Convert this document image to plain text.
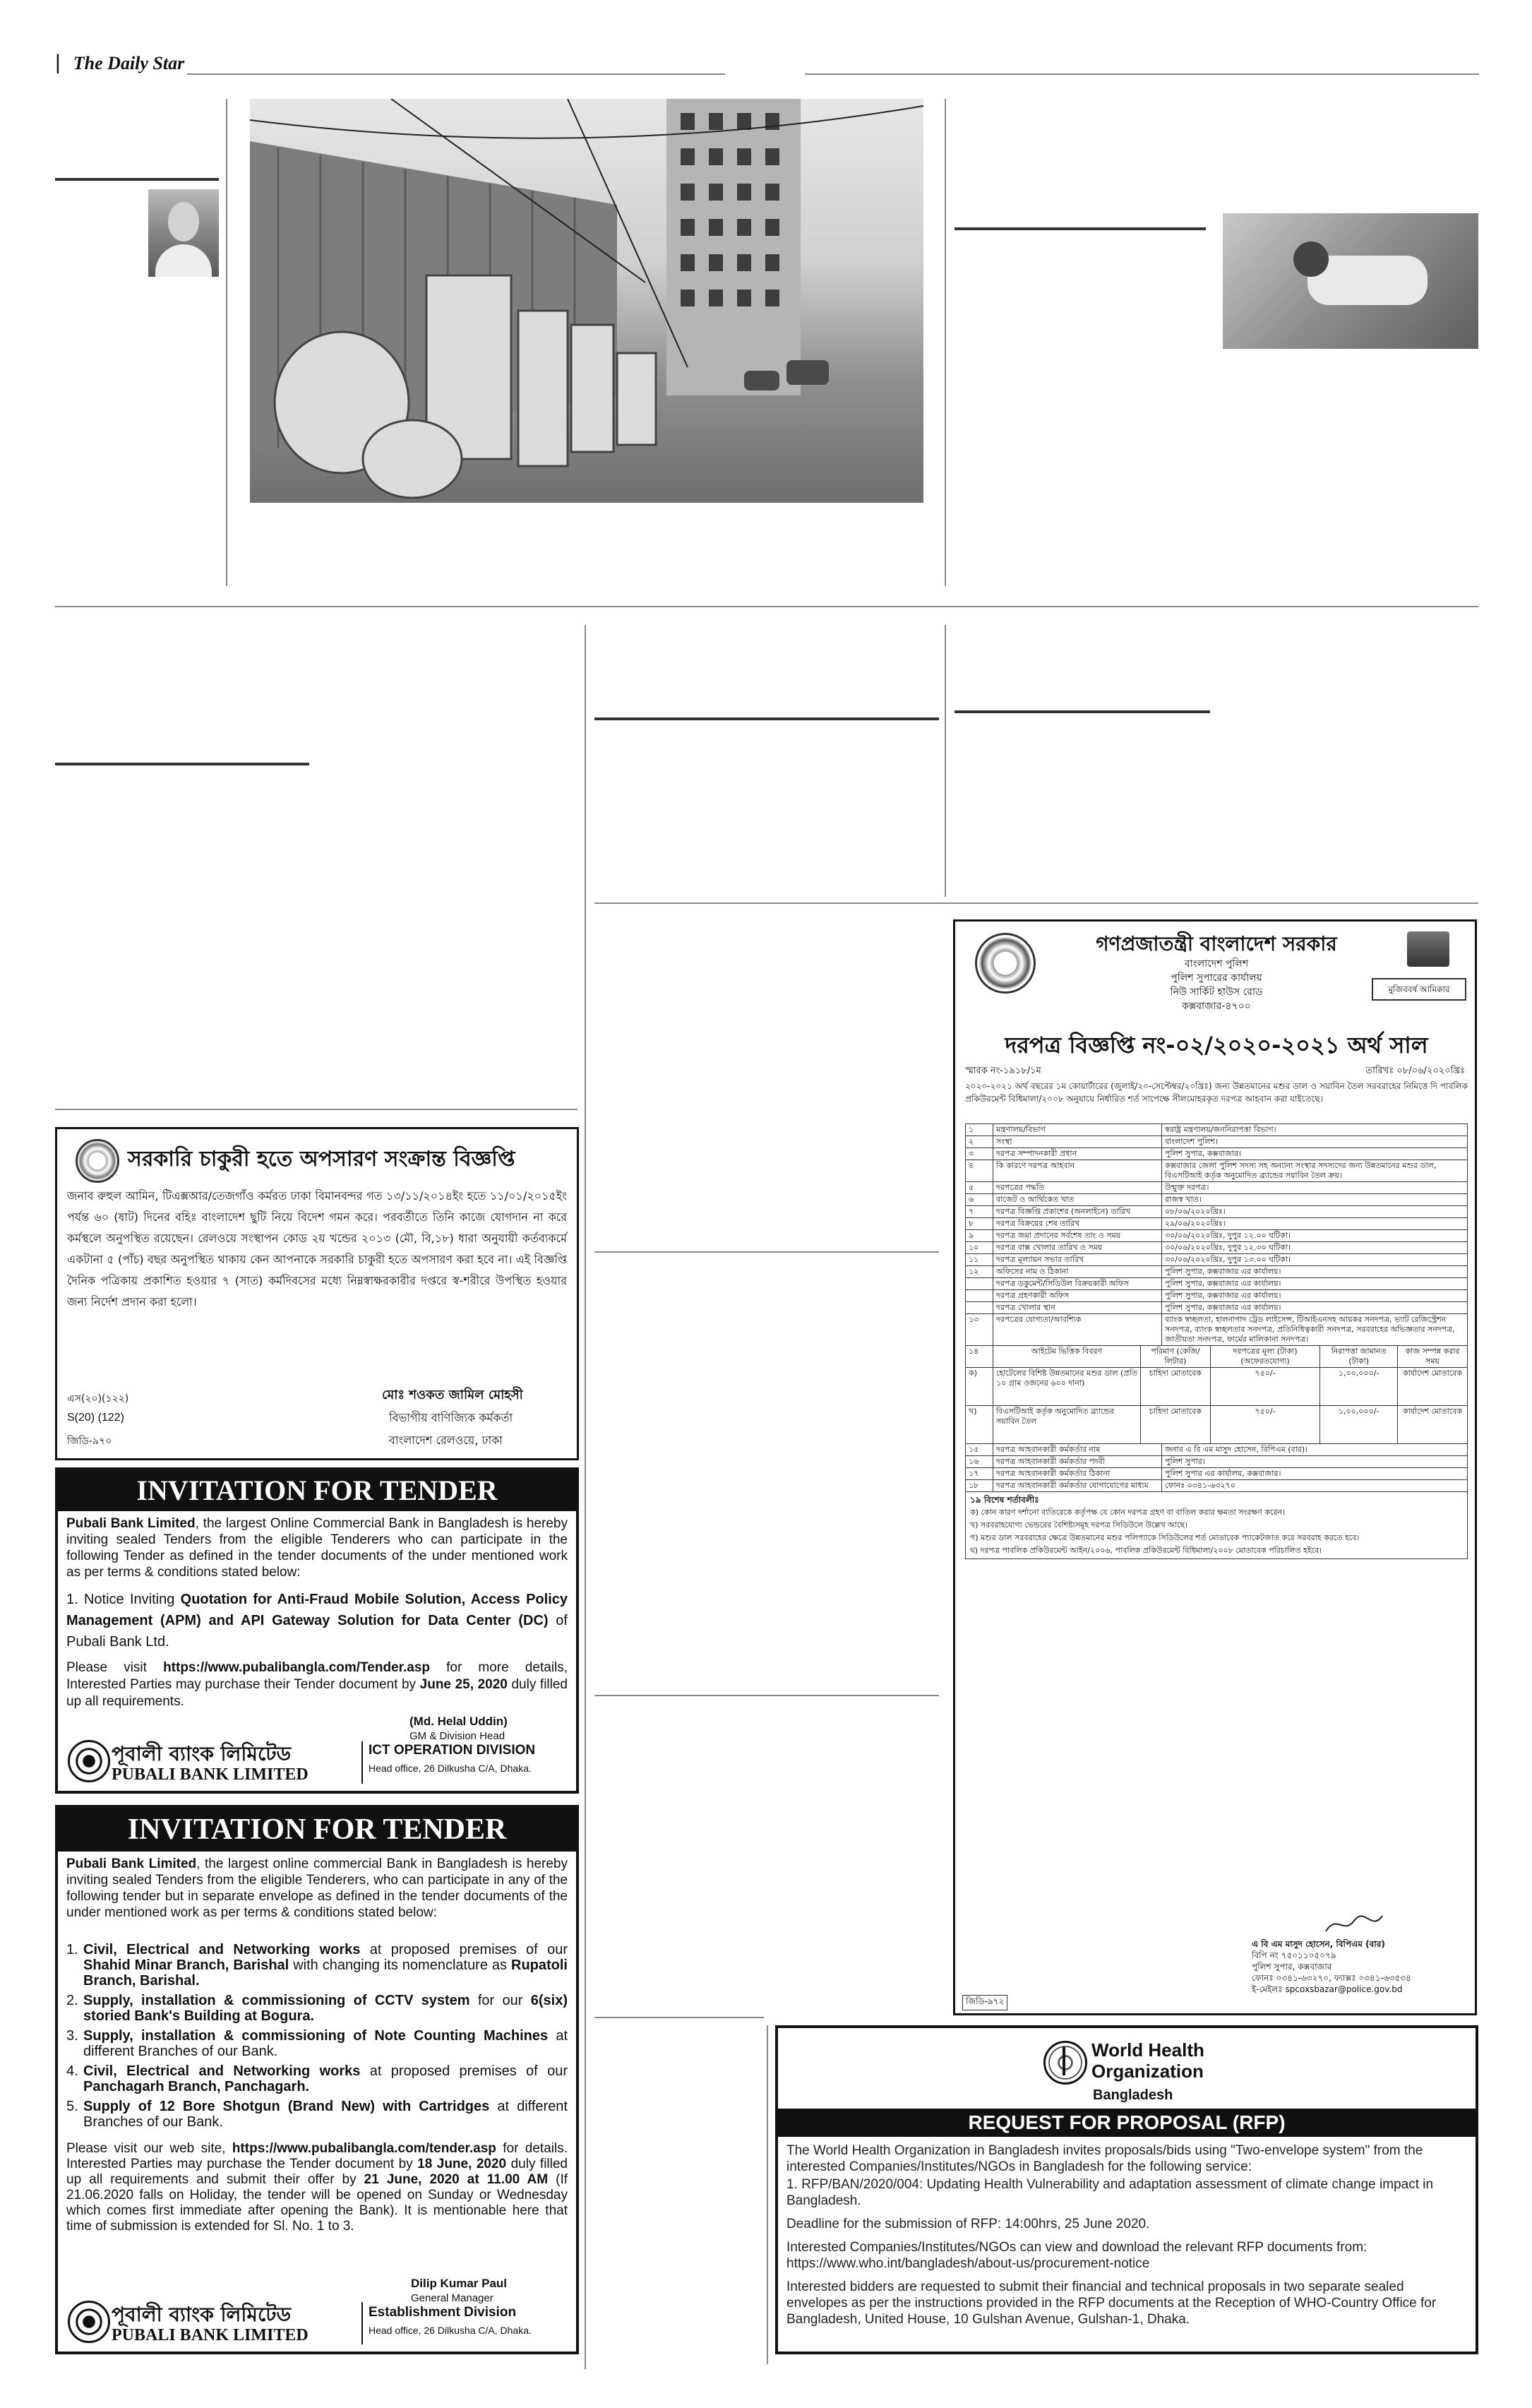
| The Daily Star
সরকারি চাকুরী হতে অপসারণ সংক্রান্ত বিজ্ঞপ্তি
জনাব রুহুল আমিন, টিএক্সআর/তেজগাঁও কর্মরত ঢাকা বিমানবন্দর গত ১৩/১১/২০১৪ইং হতে ১১/০১/২০১৫ইং পর্যন্ত ৬০ (ষাট) দিনের বহিঃ বাংলাদেশ ছুটি নিয়ে বিদেশ গমন করে। পরবর্তীতে তিনি কাজে যোগদান না করে কর্মস্থলে অনুপস্থিত রয়েছেন। রেলওয়ে সংস্থাপন কোড ২য় খন্ডের ২০১৩ (মৌ, বি,১৮) ধারা অনুযায়ী কর্তব্যকর্মে একটানা ৫ (পাঁচ) বছর অনুপস্থিত থাকায় কেন আপনাকে সরকারি চাকুরী হতে অপসারণ করা হবে না। এই বিজ্ঞপ্তি দৈনিক পত্রিকায় প্রকাশিত হওয়ার ৭ (সাত) কর্মদিবসের মধ্যে নিম্নস্বাক্ষরকারীর দপ্তরে স্ব-শরীরে উপস্থিত হওয়ার জন্য নির্দেশ প্রদান করা হলো।
মোঃ শওকত জামিল মোহসী
বিভাগীয় বাণিজ্যিক কর্মকর্তা
বাংলাদেশ রেলওয়ে, ঢাকা
এস(২০)(১২২)
S(20) (122)
জিডি-৯৭০
INVITATION FOR TENDER
Pubali Bank Limited, the largest Online Commercial Bank in Bangladesh is hereby inviting sealed Tenders from the eligible Tenderers who can participate in the following Tender as defined in the tender documents of the under mentioned work as per terms & conditions stated below:
1. Notice Inviting Quotation for Anti-Fraud Mobile Solution, Access Policy Management (APM) and API Gateway Solution for Data Center (DC) of Pubali Bank Ltd.
Please visit https://www.pubalibangla.com/Tender.asp for more details, Interested Parties may purchase their Tender document by June 25, 2020 duly filled up all requirements.
(Md. Helal Uddin)
GM & Division Head
পূবালী ব্যাংক লিমিটেড
PUBALI BANK LIMITED
ICT OPERATION DIVISION
Head office, 26 Dilkusha C/A, Dhaka.
INVITATION FOR TENDER
Pubali Bank Limited, the largest online commercial Bank in Bangladesh is hereby inviting sealed Tenders from the eligible Tenderers, who can participate in any of the following tender but in separate envelope as defined in the tender documents of the under mentioned work as per terms & conditions stated below:
1. Civil, Electrical and Networking works at proposed premises of our Shahid Minar Branch, Barishal with changing its nomenclature as Rupatoli Branch, Barishal.
2. Supply, installation & commissioning of CCTV system for our 6(six) storied Bank's Building at Bogura.
3. Supply, installation & commissioning of Note Counting Machines at different Branches of our Bank.
4. Civil, Electrical and Networking works at proposed premises of our Panchagarh Branch, Panchagarh.
5. Supply of 12 Bore Shotgun (Brand New) with Cartridges at different Branches of our Bank.
Please visit our web site, https://www.pubalibangla.com/tender.asp for details. Interested Parties may purchase the Tender document by 18 June, 2020 duly filled up all requirements and submit their offer by 21 June, 2020 at 11.00 AM (If 21.06.2020 falls on Holiday, the tender will be opened on Sunday or Wednesday which comes first immediate after opening the Bank). It is mentionable here that time of submission is extended for Sl. No. 1 to 3.
Dilip Kumar Paul
General Manager
পূবালী ব্যাংক লিমিটেড
PUBALI BANK LIMITED
Establishment Division
Head office, 26 Dilkusha C/A, Dhaka.
গণপ্রজাতন্ত্রী বাংলাদেশ সরকার
বাংলাদেশ পুলিশ
পুলিশ সুপারের কার্যালয়
নিউ সার্কিট হাউস রোড
কক্সবাজার-৪৭০০
মুজিববর্ষ আমিকার
দরপত্র বিজ্ঞপ্তি নং-০২/২০২০-২০২১ অর্থ সাল
স্মারক নং-১৯১৮/১ম	তারিখঃ ০৮/০৬/২০২০খ্রিঃ
২০২০-২০২১ অর্থ বছরের ১ম কোয়ার্টারের (জুলাই/২০-সেপ্টেম্বর/২০খ্রিঃ) জন্য উন্নতমানের মশুর ডাল ও সয়াবিন তৈল সরবরাহের নিমিত্তে দি পাবলিক প্রকিউরমেন্ট বিধিমালা/২০০৮ অনুযায়ে নির্ধারিত শর্ত সাপেক্ষে সীলমোহরকৃত দরপত্র আহবান করা যাইতেছে।
১	মন্ত্রণালয়/বিভাগ	স্বরাষ্ট্র মন্ত্রণালয়/জননিরাপত্তা বিভাগ।
২	সংস্থা	বাংলাদেশ পুলিশ।
৩	দরপত্র সম্পাদনকারী প্রধান	পুলিশ সুপার, কক্সবাজার।
৪	কি কারণে দরপত্র আহবান	কক্সবাজার জেলা পুলিশ সদস্য সহ অন্যান্য সংস্থার সদস্যদের জন্য উন্নতমানের মশুর ডাল, বিএসটিআই কর্তৃক অনুমোদিত ব্র্যান্ডের সয়াবিন তৈল ক্রয়।
৫	দরপত্রের পদ্ধতি	উন্মুক্ত দরপত্র।
৬	বাজেট ও আর্থিকেত খাত	রাজস্ব খাত।
৭	দরপত্র বিজ্ঞপ্তি প্রকাশের (অনলাইনে) তারিখ	০৮/০৬/২০২০খ্রিঃ।
৮	দরপত্র বিক্রয়ের শেষ তারিখ	২৯/০৬/২০২০খ্রিঃ।
৯	দরপত্র জমা প্রদানের সর্বশেষ তাং ও সময়	৩০/০৬/২০২০খ্রিঃ, দুপুর ১২.০০ ঘটিকা।
১০	দরপত্র বাক্স খোলার তারিখ ও সময়	৩০/০৬/২০২০খ্রিঃ, দুপুর ১২.৩০ ঘটিকা।
১১	দরপত্র মূল্যায়ন সভার তারিখ	৩০/০৬/২০২০খ্রিঃ, দুপুর ১৩.০০ ঘটিকা।
১২	অফিসের নাম ও ঠিকানা	পুলিশ সুপার, কক্সবাজার এর কার্যালয়।
	দরপত্র ডকুমেন্ট/সিডিউল বিক্রয়কারী অফিস	পুলিশ সুপার, কক্সবাজার এর কার্যালয়।
	দরপত্র গ্রহণকারী অফিস	পুলিশ সুপার, কক্সবাজার এর কার্যালয়।
	দরপত্র খোলার স্থান	পুলিশ সুপার, কক্সবাজার এর কার্যালয়।
১৩	দরপত্রের যোগ্যতা/আবশ্যিক	ব্যাংক স্বচ্ছলতা, হালনাগাদ ট্রেড লাইসেন্স, টিআইএনসহ আয়কর সনদপত্র, ভ্যাট রেজিস্ট্রেশন সনদপত্র, ব্যাংক স্বচ্ছলতার সনদপত্র, প্রতিনিধিত্বকারী সনদপত্র, সরবরাহের অভিজ্ঞতার সনদপত্র, জাতীয়তা সনদপত্র, ফার্মের মালিকানা সনদপত্র।
১৪	আইটেম ভিত্তিক বিবরণ	পরিমাণ (কেজি/লিটার)	দরপত্রের মূল্য (টাকা) (অফেরতযোগ্য)	নিরাপত্তা জামানত (টাকা)	কাজ সম্পন্ন করার সময়
ক)	হোটেলের বিশিষ্ট উন্নতমানের মশুর ডাল (প্রতি ১০ গ্রাম ওজনের ৬০০ দানা)	চাহিদা মোতাবেক	৭৫০/-	১,০০,০০০/-	কার্যাদেশ মোতাবেক
খ)	বিএসটিআই কর্তৃক অনুমোদিত ব্র্যান্ডের সয়াবিন তৈল	চাহিদা মোতাবেক	৭৫০/-	১,০০,০০০/-	কার্যাদেশ মোতাবেক
১৫	দরপত্র আহবানকারী কর্মকর্তার নাম	জনাব এ বি এম মাসুদ হোসেন, বিপিএম (বার)।
১৬	দরপত্র আহবানকারী কর্মকর্তার পদবী	পুলিশ সুপার।
১৭	দরপত্র আহবানকারী কর্মকর্তার ঠিকানা	পুলিশ সুপার এর কার্যালয়, কক্সবাজার।
১৮	দরপত্র আহবানকারী কর্মকর্তার যোগাযোগের মাধ্যম	ফোনঃ ০৩৪১-৬৩২৭০
১৯ বিশেষ শর্তাবলীঃ
ক) কোন কারণ দর্শানো ব্যতিরেকে কর্তৃপক্ষ যে কোন দরপত্র গ্রহণ বা বাতিল করার ক্ষমতা সংরক্ষণ করেন।
খ) সরবরাহযোগ্য ভেন্ডরের বৈশিষ্ট্যসমূহ দরপত্র সিডিউলে উল্লেখ আছে।
গ) মশুর ডাল সরবরাহের ক্ষেত্রে উন্নতমানের মশুর পলিপ্যাকে সিডিউলের শর্ত মোতাবেক প্যাকেটজাত করে সরবরাহ করতে হবে।
ঘ) দরপত্র পাবলিক প্রকিউরমেন্ট আইন/২০০৬, পাবলিক প্রকিউরমেন্ট বিধিমালা/২০০৮ মোতাবেক পরিচালিত হইবে।
এ বি এম মাসুদ হোসেন, বিপিএম (বার)
বিপি নং ৭৫০১১০৫০৭৯
পুলিশ সুপার, কক্সবাজার
ফোনঃ ০৩৪১-৬৩২৭০, ফ্যাক্সঃ ০৩৪১-৬৩৫৩৪
ই-মেইলঃ spcoxsbazar@police.gov.bd
জিডি-৯৭২
World Health
Organization
Bangladesh
REQUEST FOR PROPOSAL (RFP)
The World Health Organization in Bangladesh invites proposals/bids using "Two-envelope system" from the interested Companies/Institutes/NGOs in Bangladesh for the following service:
1. RFP/BAN/2020/004: Updating Health Vulnerability and adaptation assessment of climate change impact in Bangladesh.
Deadline for the submission of RFP: 14:00hrs, 25 June 2020.
Interested Companies/Institutes/NGOs can view and download the relevant RFP documents from: https://www.who.int/bangladesh/about-us/procurement-notice
Interested bidders are requested to submit their financial and technical proposals in two separate sealed envelopes as per the instructions provided in the RFP documents at the Reception of WHO-Country Office for Bangladesh, United House, 10 Gulshan Avenue, Gulshan-1, Dhaka.
